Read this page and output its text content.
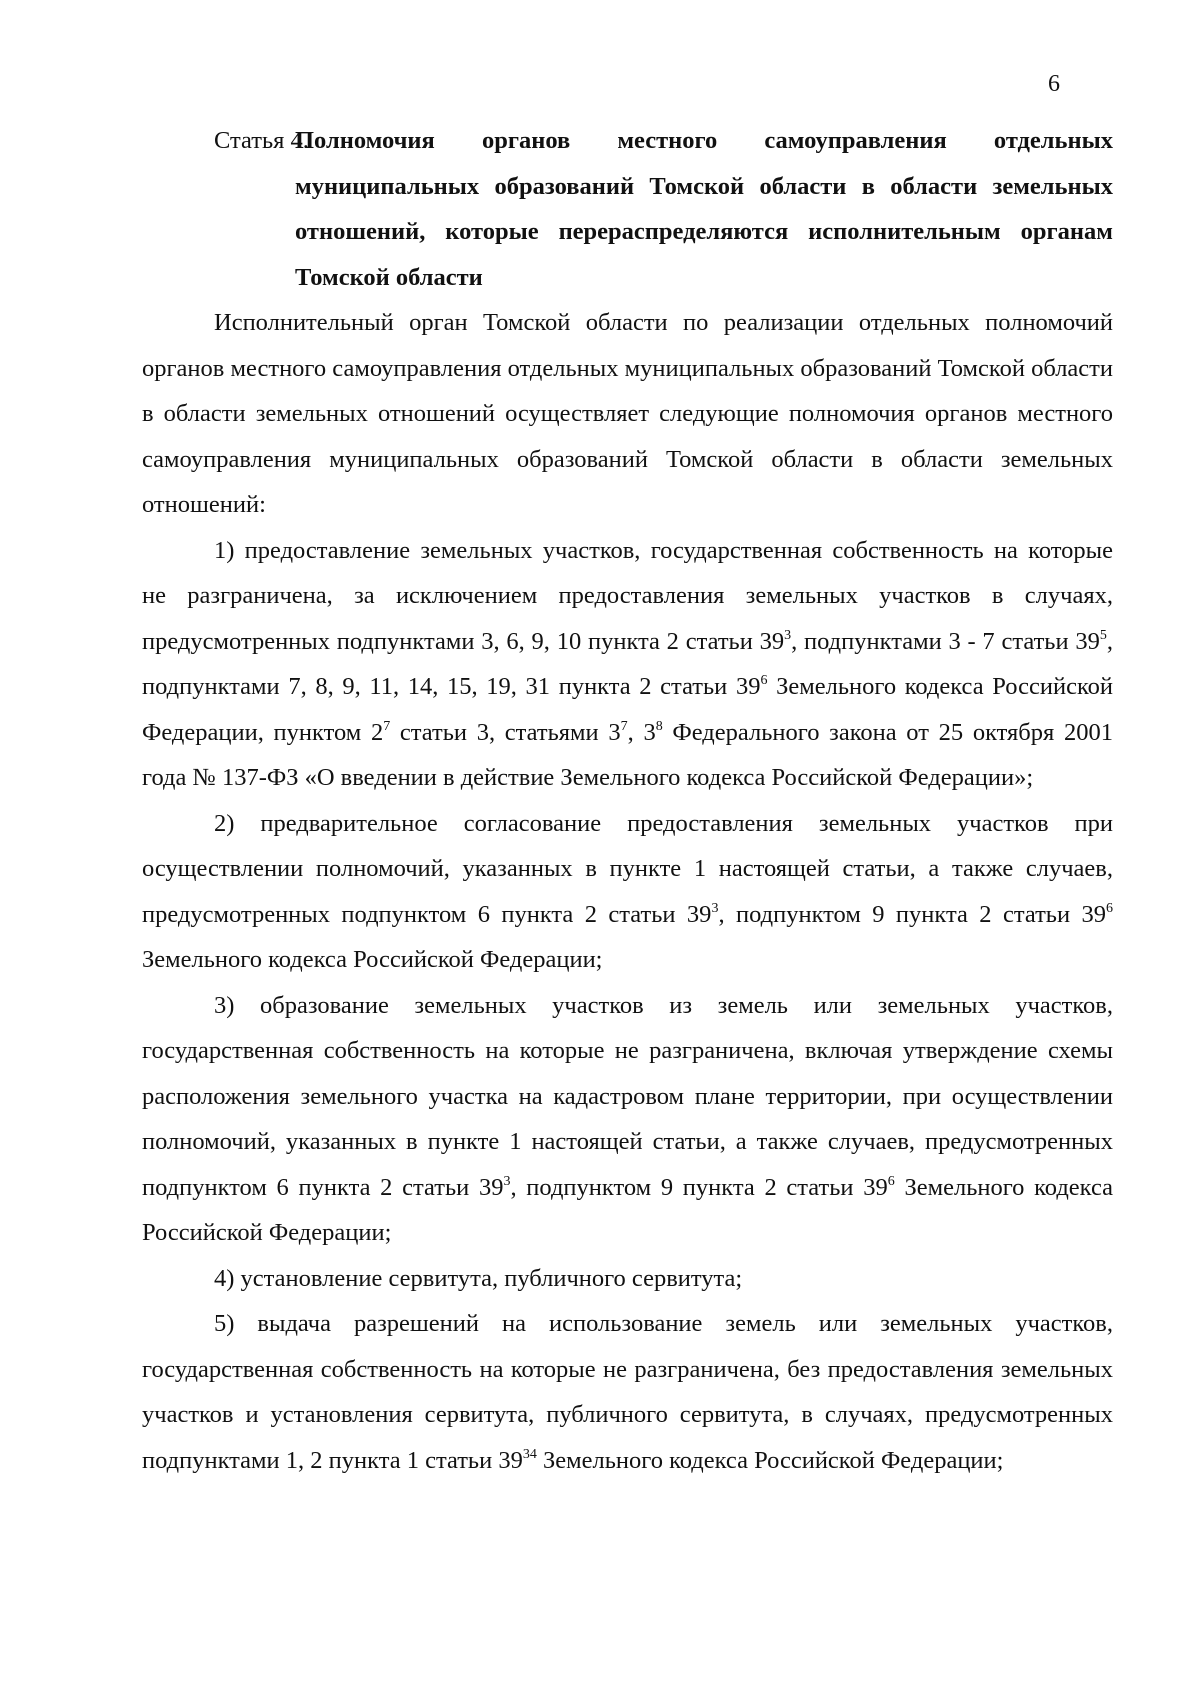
6
Статья 4.
Полномочия органов местного самоуправления отдельных муниципальных образований Томской области в области земельных отношений, которые перераспределяются исполнительным органам Томской области

Исполнительный орган Томской области по реализации отдельных полномочий органов местного самоуправления отдельных муниципальных образований Томской области в области земельных отношений осуществляет следующие полномочия органов местного самоуправления муниципальных образований Томской области в области земельных отношений:

1) предоставление земельных участков, государственная собственность на которые не разграничена, за исключением предоставления земельных участков в случаях, предусмотренных подпунктами 3, 6, 9, 10 пункта 2 статьи $39^3$, подпунктами 3 - 7 статьи $39^5$, подпунктами 7, 8, 9, 11, 14, 15, 19, 31 пункта 2 статьи $39^6$ Земельного кодекса Российской Федерации, пунктом $2^7$ статьи 3, статьями $3^7$, $3^8$ Федерального закона от 25 октября 2001 года № 137-ФЗ «О введении в действие Земельного кодекса Российской Федерации»;

2) предварительное согласование предоставления земельных участков при осуществлении полномочий, указанных в пункте 1 настоящей статьи, а также случаев, предусмотренных подпунктом 6 пункта 2 статьи $39^3$, подпунктом 9 пункта 2 статьи $39^6$ Земельного кодекса Российской Федерации;

3) образование земельных участков из земель или земельных участков, государственная собственность на которые не разграничена, включая утверждение схемы расположения земельного участка на кадастровом плане территории, при осуществлении полномочий, указанных в пункте 1 настоящей статьи, а также случаев, предусмотренных подпунктом 6 пункта 2 статьи $39^3$, подпунктом 9 пункта 2 статьи $39^6$ Земельного кодекса Российской Федерации;

4) установление сервитута, публичного сервитута;

5) выдача разрешений на использование земель или земельных участков, государственная собственность на которые не разграничена, без предоставления земельных участков и установления сервитута, публичного сервитута, в случаях, предусмотренных подпунктами 1, 2 пункта 1 статьи $39^{34}$ Земельного кодекса Российской Федерации;
